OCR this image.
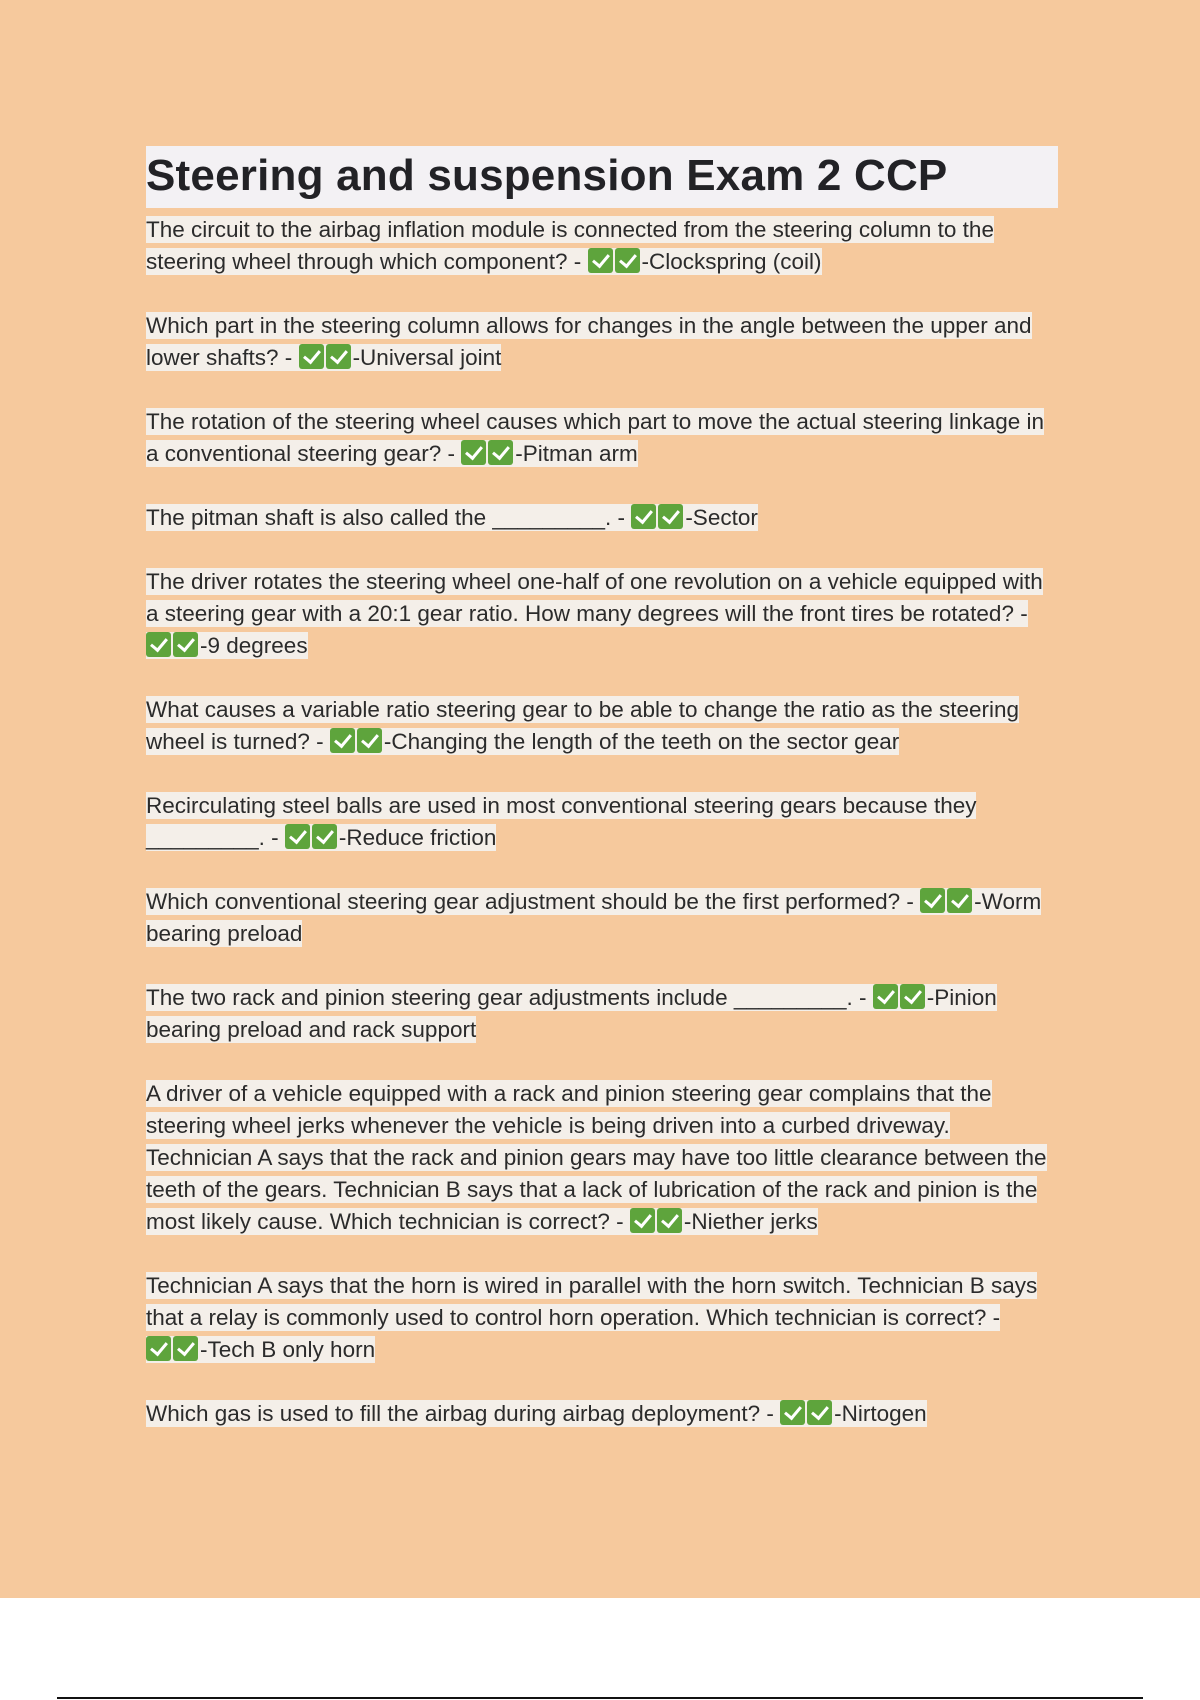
Steering and suspension Exam 2 CCP

The circuit to the airbag inflation module is connected from the steering column to the steering wheel through which component? - -Clockspring (coil)

Which part in the steering column allows for changes in the angle between the upper and lower shafts? - -Universal joint

The rotation of the steering wheel causes which part to move the actual steering linkage in a conventional steering gear? - -Pitman arm

The pitman shaft is also called the _________. - -Sector

The driver rotates the steering wheel one-half of one revolution on a vehicle equipped with a steering gear with a 20:1 gear ratio. How many degrees will the front tires be rotated? - -9 degrees

What causes a variable ratio steering gear to be able to change the ratio as the steering wheel is turned? - -Changing the length of the teeth on the sector gear

Recirculating steel balls are used in most conventional steering gears because they _________. - -Reduce friction

Which conventional steering gear adjustment should be the first performed? - -Worm bearing preload

The two rack and pinion steering gear adjustments include _________. - -Pinion bearing preload and rack support

A driver of a vehicle equipped with a rack and pinion steering gear complains that the steering wheel jerks whenever the vehicle is being driven into a curbed driveway. Technician A says that the rack and pinion gears may have too little clearance between the teeth of the gears. Technician B says that a lack of lubrication of the rack and pinion is the most likely cause. Which technician is correct? - -Niether jerks

Technician A says that the horn is wired in parallel with the horn switch. Technician B says that a relay is commonly used to control horn operation. Which technician is correct? - -Tech B only horn

Which gas is used to fill the airbag during airbag deployment? - -Nirtogen
